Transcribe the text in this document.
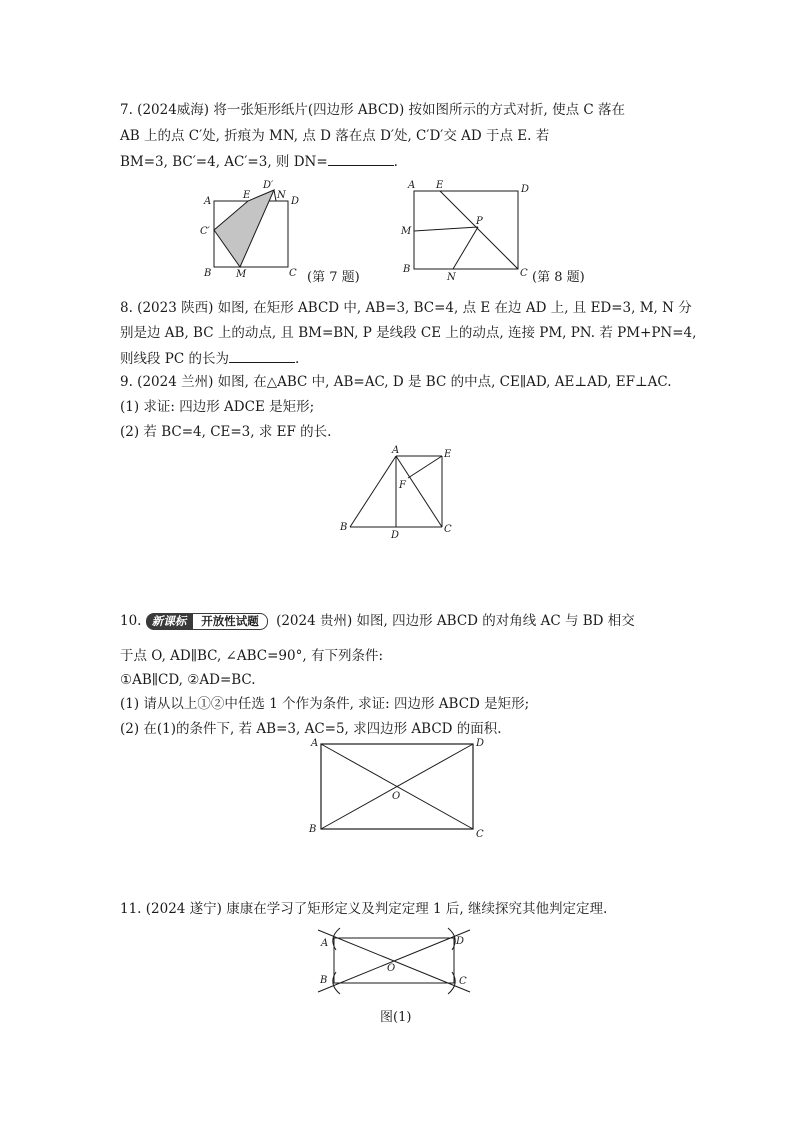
7. (2024威海) 将一张矩形纸片(四边形 ABCD) 按如图所示的方式对折, 使点 C 落在
AB 上的点 C′处, 折痕为 MN, 点 D 落在点 D′处, C′D′交 AD 于点 E. 若
BM=3, BC′=4, AC′=3, 则 DN=	.
A
E
D′
N
D
C′
B M	C (第 7 题)
A E	D
M
P
B
N	C (第 8 题)
8. (2023 陕西) 如图, 在矩形 ABCD 中, AB=3, BC=4, 点 E 在边 AD 上, 且 ED=3, M, N 分
别是边 AB, BC 上的动点, 且 BM=BN, P 是线段 CE 上的动点, 连接 PM, PN. 若 PM+PN=4,
则线段 PC 的长为	.
9. (2024 兰州) 如图, 在△ABC 中, AB=AC, D 是 BC 的中点, CE∥AD, AE⊥AD, EF⊥AC.
(1) 求证: 四边形 ADCE 是矩形;
(2) 若 BC=4, CE=3, 求 EF 的长.
A	E
F
B
D
C
10. 新课标	开放性试题	(2024 贵州) 如图, 四边形 ABCD 的对角线 AC 与 BD 相交
于点 O, AD∥BC, ∠ABC=90°, 有下列条件:
①AB∥CD, ②AD=BC.
(1) 请从以上①②中任选 1 个作为条件, 求证: 四边形 ABCD 是矩形;
(2) 在(1)的条件下, 若 AB=3, AC=5, 求四边形 ABCD 的面积.
A	D
O
B	C
11. (2024 遂宁) 康康在学习了矩形定义及判定定理 1 后, 继续探究其他判定定理.
A	D
O
B	C
图(1)
